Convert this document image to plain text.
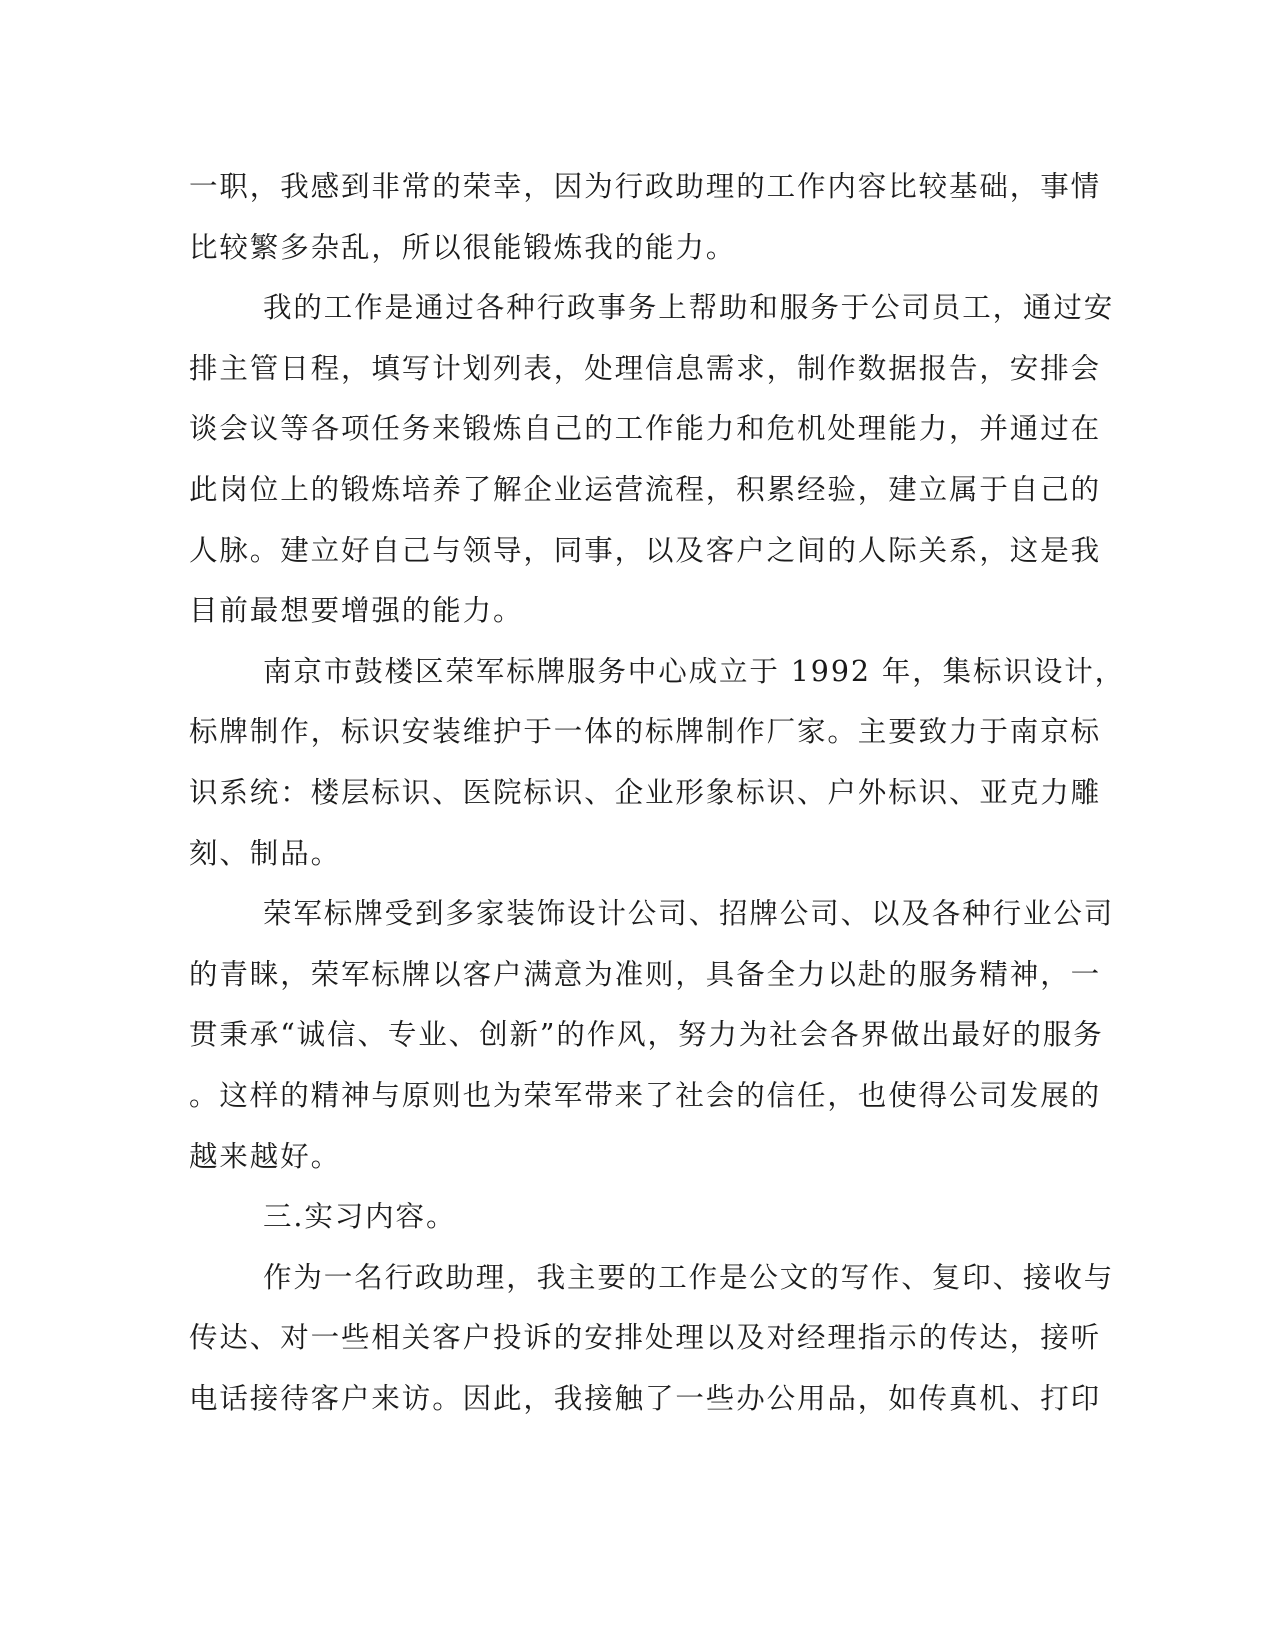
一职，我感到非常的荣幸，因为行政助理的工作内容比较基础，事情
比较繁多杂乱，所以很能锻炼我的能力。
我的工作是通过各种行政事务上帮助和服务于公司员工，通过安
排主管日程，填写计划列表，处理信息需求，制作数据报告，安排会
谈会议等各项任务来锻炼自己的工作能力和危机处理能力，并通过在
此岗位上的锻炼培养了解企业运营流程，积累经验，建立属于自己的
人脉。建立好自己与领导，同事，以及客户之间的人际关系，这是我
目前最想要增强的能力。
南京市鼓楼区荣军标牌服务中心成立于 1992 年，集标识设计，
标牌制作，标识安装维护于一体的标牌制作厂家。主要致力于南京标
识系统：楼层标识、医院标识、企业形象标识、户外标识、亚克力雕
刻、制品。
荣军标牌受到多家装饰设计公司、招牌公司、以及各种行业公司
的青睐，荣军标牌以客户满意为准则，具备全力以赴的服务精神，一
贯秉承“诚信、专业、创新”的作风，努力为社会各界做出最好的服务
。这样的精神与原则也为荣军带来了社会的信任，也使得公司发展的
越来越好。
三.实习内容。
作为一名行政助理，我主要的工作是公文的写作、复印、接收与
传达、对一些相关客户投诉的安排处理以及对经理指示的传达，接听
电话接待客户来访。因此，我接触了一些办公用品，如传真机、打印
